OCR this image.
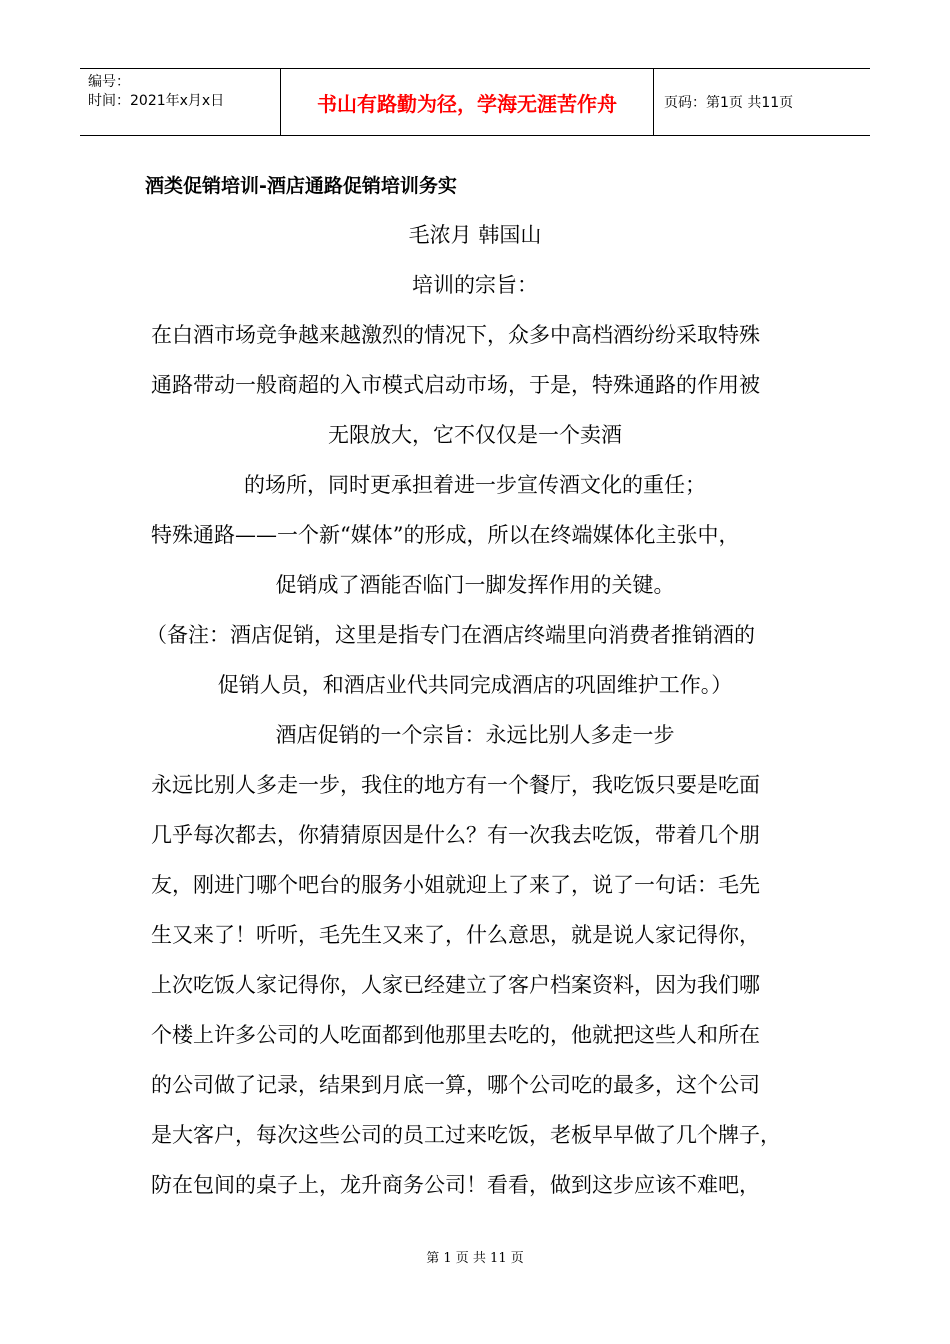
编号：
时间：2021年x月x日	书山有路勤为径，学海无涯苦作舟	页码：第1页 共11页
酒类促销培训-酒店通路促销培训务实
毛浓月 韩国山
培训的宗旨：
在白酒市场竞争越来越激烈的情况下，众多中高档酒纷纷采取特殊
通路带动一般商超的入市模式启动市场，于是，特殊通路的作用被
无限放大，它不仅仅是一个卖酒
的场所，同时更承担着进一步宣传酒文化的重任；
特殊通路——一个新“媒体”的形成，所以在终端媒体化主张中，
促销成了酒能否临门一脚发挥作用的关键。
（备注：酒店促销，这里是指专门在酒店终端里向消费者推销酒的
促销人员，和酒店业代共同完成酒店的巩固维护工作。）
酒店促销的一个宗旨：永远比别人多走一步
永远比别人多走一步，我住的地方有一个餐厅，我吃饭只要是吃面
几乎每次都去，你猜猜原因是什么？有一次我去吃饭，带着几个朋
友，刚进门哪个吧台的服务小姐就迎上了来了，说了一句话：毛先
生又来了！听听，毛先生又来了，什么意思，就是说人家记得你，
上次吃饭人家记得你，人家已经建立了客户档案资料，因为我们哪
个楼上许多公司的人吃面都到他那里去吃的，他就把这些人和所在
的公司做了记录，结果到月底一算，哪个公司吃的最多，这个公司
是大客户，每次这些公司的员工过来吃饭，老板早早做了几个牌子，
防在包间的桌子上，龙升商务公司！看看，做到这步应该不难吧，
第 1 页 共 11 页
